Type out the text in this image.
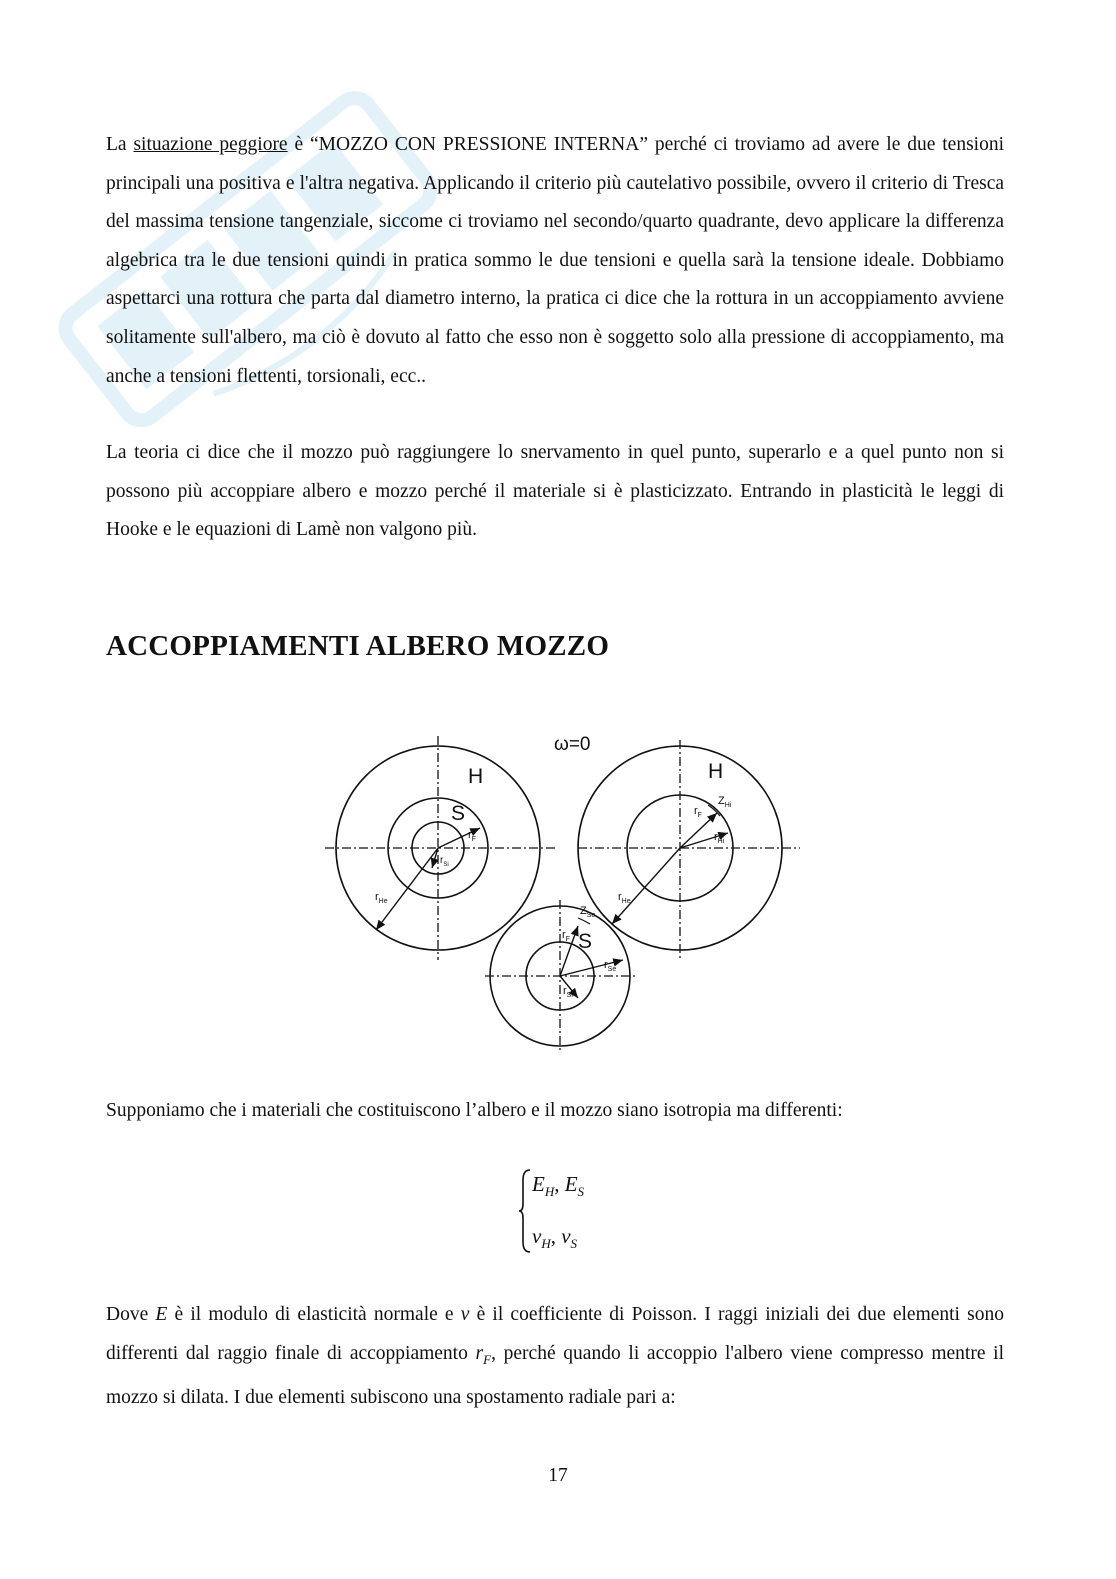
La situazione peggiore è “MOZZO CON PRESSIONE INTERNA” perché ci troviamo ad avere le due tensioni principali una positiva e l'altra negativa. Applicando il criterio più cautelativo possibile, ovvero il criterio di Tresca del massima tensione tangenziale, siccome ci troviamo nel secondo/quarto quadrante, devo applicare la differenza algebrica tra le due tensioni quindi in pratica sommo le due tensioni e quella sarà la tensione ideale. Dobbiamo aspettarci una rottura che parta dal diametro interno, la pratica ci dice che la rottura in un accoppiamento avviene solitamente sull'albero, ma ciò è dovuto al fatto che esso non è soggetto solo alla pressione di accoppiamento, ma anche a tensioni flettenti, torsionali, ecc..

La teoria ci dice che il mozzo può raggiungere lo snervamento in quel punto, superarlo e a quel punto non si possono più accoppiare albero e mozzo perché il materiale si è plasticizzato. Entrando in plasticità le leggi di Hooke e le equazioni di Lamè non valgono più.

ACCOPPIAMENTI ALBERO MOZZO
ω=0
H
S
H
S
$r_F$
$r_{Si}$
$r_{He}$
$Z_{Hi}$
$r_F$
$r_{Hi}$
$r_{He}$
$Z_{Se}$
$r_F$
$r_{Se}$
$r_{Si}$

Supponiamo che i materiali che costituiscono l’albero e il mozzo siano isotropia ma differenti:

$E_H$, $E_S$
$\nu_H$, $\nu_S$

Dove E è il modulo di elasticità normale e ν è il coefficiente di Poisson. I raggi iniziali dei due elementi sono differenti dal raggio finale di accoppiamento $r_F$, perché quando li accoppio l'albero viene compresso mentre il mozzo si dilata. I due elementi subiscono una spostamento radiale pari a:

17
